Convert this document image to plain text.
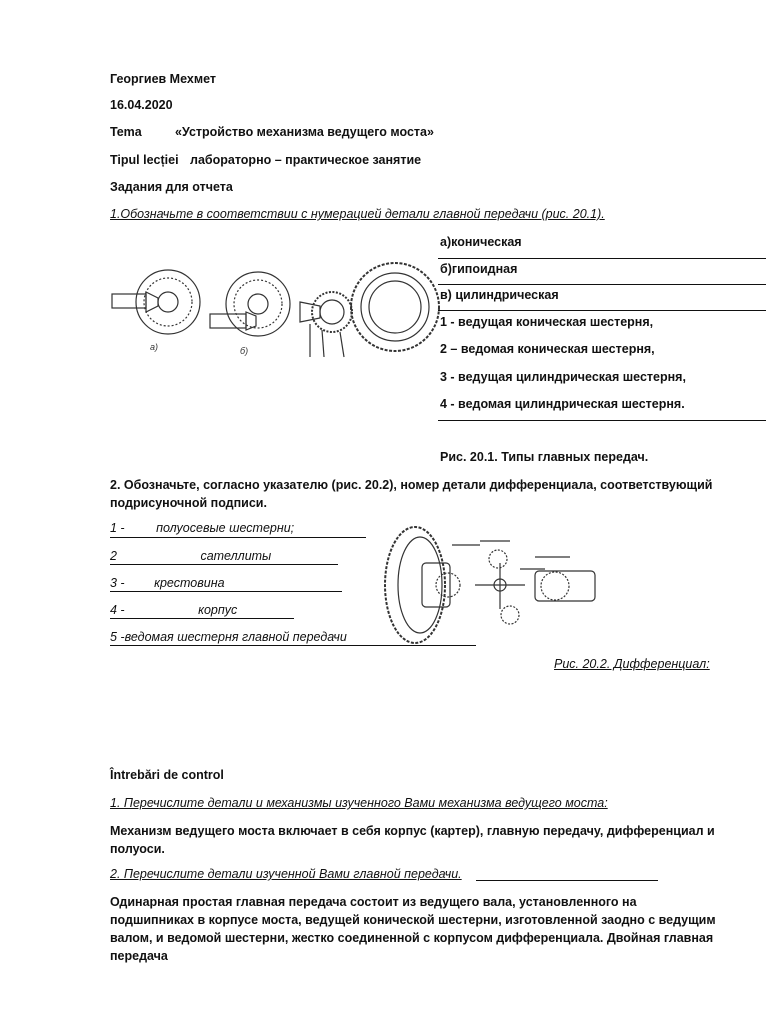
Георгиев Мехмет
16.04.2020
Tema	«Устройство механизма ведущего моста»
Tipul lecției лабораторно – практическое занятие
Задания для отчета
1.Обозначьте в соответствии с нумерацией детали главной передачи (рис. 20.1).
а)	б)
а)коническая
б)гипоидная
в) цилиндрическая
1 - ведущая коническая шестерня,
2 – ведомая коническая шестерня,
3 - ведущая цилиндрическая шестерня,
4 - ведомая цилиндрическая шестерня.
Рис. 20.1. Типы главных передач.
2. Обозначьте, согласно указателю (рис. 20.2), номер детали дифференциала, соответствующий подрисуночной подписи.
1 -	полуосевые шестерни;
2	сателлиты
3 - крестовина
4 -	корпус
5 -ведомая шестерня главной передачи
Рис. 20.2. Дифференциал:
Întrebări de control
1. Перечислите детали и механизмы изученного Вами механизма ведущего моста:
Механизм ведущего моста включает в себя корпус (картер), главную передачу, дифференциал и полуоси.
2. Перечислите детали изученной Вами главной передачи.
Одинарная простая главная передача состоит из ведущего вала, установленного на подшипниках в корпусе моста, ведущей конической шестерни, изготовленной заодно с ведущим валом, и ведомой шестерни, жестко соединенной с корпусом дифференциала. Двойная главная передача
